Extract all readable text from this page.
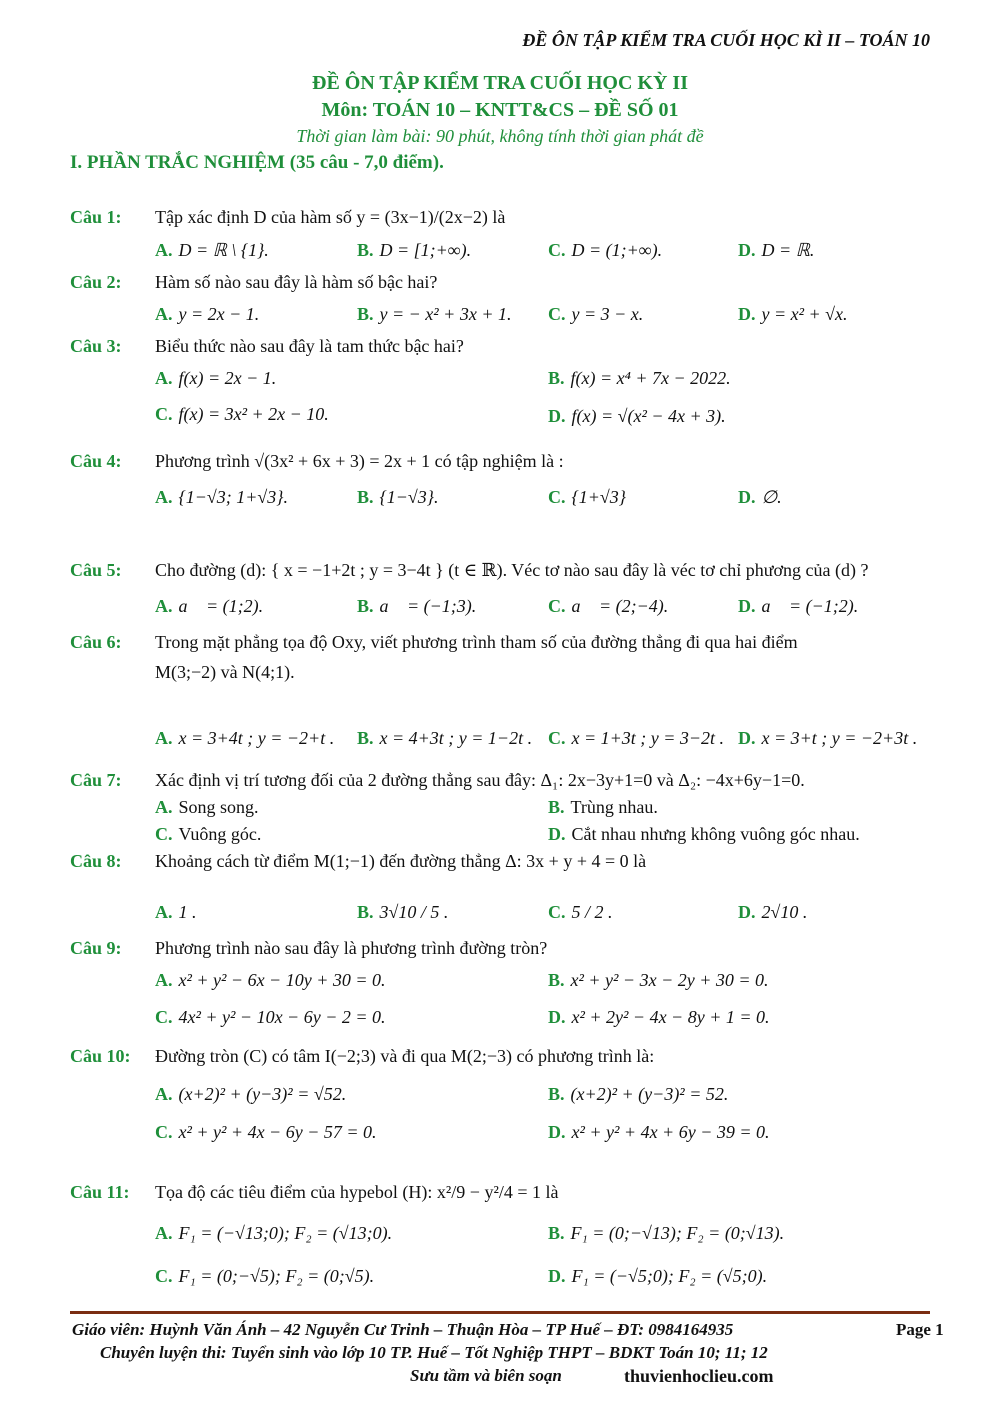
ĐỀ ÔN TẬP KIỂM TRA CUỐI HỌC KÌ II – TOÁN 10
ĐỀ ÔN TẬP KIỂM TRA CUỐI HỌC KỲ II
Môn: TOÁN 10 – KNTT&CS – ĐỀ SỐ 01
Thời gian làm bài: 90 phút, không tính thời gian phát đề
I. PHẦN TRẮC NGHIỆM (35 câu - 7,0 điểm).
Câu 1: Tập xác định D của hàm số y = (3x−1)/(2x−2) là
A. D = ℝ \ {1}.	B. D = [1;+∞).	C. D = (1;+∞).	D. D = ℝ.
Câu 2: Hàm số nào sau đây là hàm số bậc hai?
A. y = 2x − 1.	B. y = − x² + 3x + 1. C. y = 3 − x.	D. y = x² + √x.
Câu 3: Biểu thức nào sau đây là tam thức bậc hai?
A. f(x) = 2x − 1.	B. f(x) = x⁴ + 7x − 2022.
C. f(x) = 3x² + 2x − 10.	D. f(x) = √(x² − 4x + 3).
Câu 4: Phương trình √(3x² + 6x + 3) = 2x + 1 có tập nghiệm là :
A. {1−√3; 1+√3}.	B. {1−√3}.	C. {1+√3}	D. ∅.
Câu 5: Cho đường (d): { x = −1+2t ; y = 3−4t } (t ∈ ℝ). Véc tơ nào sau đây là véc tơ chỉ phương của (d) ?
A. a⃗ = (1;2).	B. a⃗ = (−1;3).	C. a⃗ = (2;−4).	D. a⃗ = (−1;2).
Câu 6: Trong mặt phẳng tọa độ Oxy, viết phương trình tham số của đường thẳng đi qua hai điểm
M(3;−2) và N(4;1).
A. x = 3+4t ; y = −2+t . B. x = 4+3t ; y = 1−2t . C. x = 1+3t ; y = 3−2t . D. x = 3+t ; y = −2+3t .
Câu 7: Xác định vị trí tương đối của 2 đường thẳng sau đây: Δ₁: 2x−3y+1=0 và Δ₂: −4x+6y−1=0.
A. Song song.	B. Trùng nhau.
C. Vuông góc.	D. Cắt nhau nhưng không vuông góc nhau.
Câu 8: Khoảng cách từ điểm M(1;−1) đến đường thẳng Δ: 3x + y + 4 = 0 là
A. 1 .	B. 3√10 / 5 .	C. 5 / 2 .	D. 2√10 .
Câu 9: Phương trình nào sau đây là phương trình đường tròn?
A. x² + y² − 6x − 10y + 30 = 0.	B. x² + y² − 3x − 2y + 30 = 0.
C. 4x² + y² − 10x − 6y − 2 = 0.	D. x² + 2y² − 4x − 8y + 1 = 0.
Câu 10: Đường tròn (C) có tâm I(−2;3) và đi qua M(2;−3) có phương trình là:
A. (x+2)² + (y−3)² = √52.	B. (x+2)² + (y−3)² = 52.
C. x² + y² + 4x − 6y − 57 = 0.	D. x² + y² + 4x + 6y − 39 = 0.
Câu 11: Tọa độ các tiêu điểm của hypebol (H): x²/9 − y²/4 = 1 là
A. F₁ = (−√13;0); F₂ = (√13;0).	B. F₁ = (0;−√13); F₂ = (0;√13).
C. F₁ = (0;−√5); F₂ = (0;√5).	D. F₁ = (−√5;0); F₂ = (√5;0).
Giáo viên: Huỳnh Văn Ánh – 42 Nguyễn Cư Trinh – Thuận Hòa – TP Huế – ĐT: 0984164935	Page 1
Chuyên luyện thi: Tuyển sinh vào lớp 10 TP. Huế – Tốt Nghiệp THPT – BDKT Toán 10; 11; 12
Sưu tầm và biên soạn	thuvienhoclieu.com
